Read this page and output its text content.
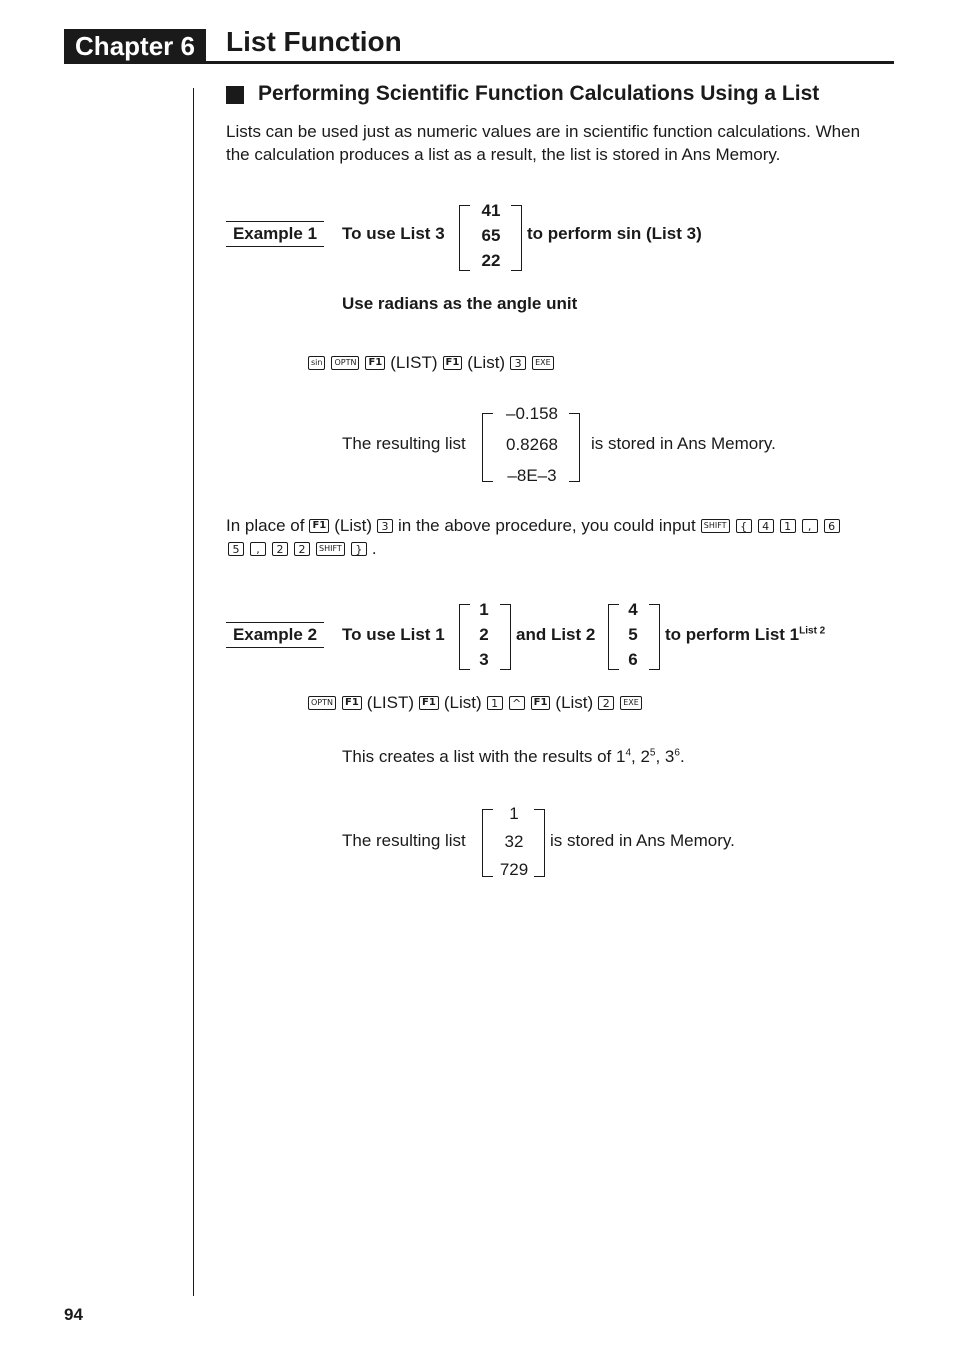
Chapter 6	List Function
Performing Scientific Function Calculations Using a List
Lists can be used just as numeric values are in scientific function calculations. When
the calculation produces a list as a result, the list is stored in Ans Memory.
Example 1	To use List 3
41
65
22
to perform sin (List 3)
Use radians as the angle unit
sin	OPTN	F1 (LIST) F1 (List) 3	EXE
The resulting list
–0.158
0.8268
–8E–3
is stored in Ans Memory.
In place of F1 (List) 3 in the above procedure, you could input	SHIFT	{	4	1	,	6
5	,	2	2	SHIFT	} .
Example 2	To use List 1
1
2
3
and List 2
4
5
6
to perform List $1^{List 2}$
OPTN	F1 (LIST) F1 (List) 1	^	F1 (List) 2	EXE
This creates a list with the results of $1^4$, $2^5$, $3^6$.
The resulting list
1
32
729
is stored in Ans Memory.
94
